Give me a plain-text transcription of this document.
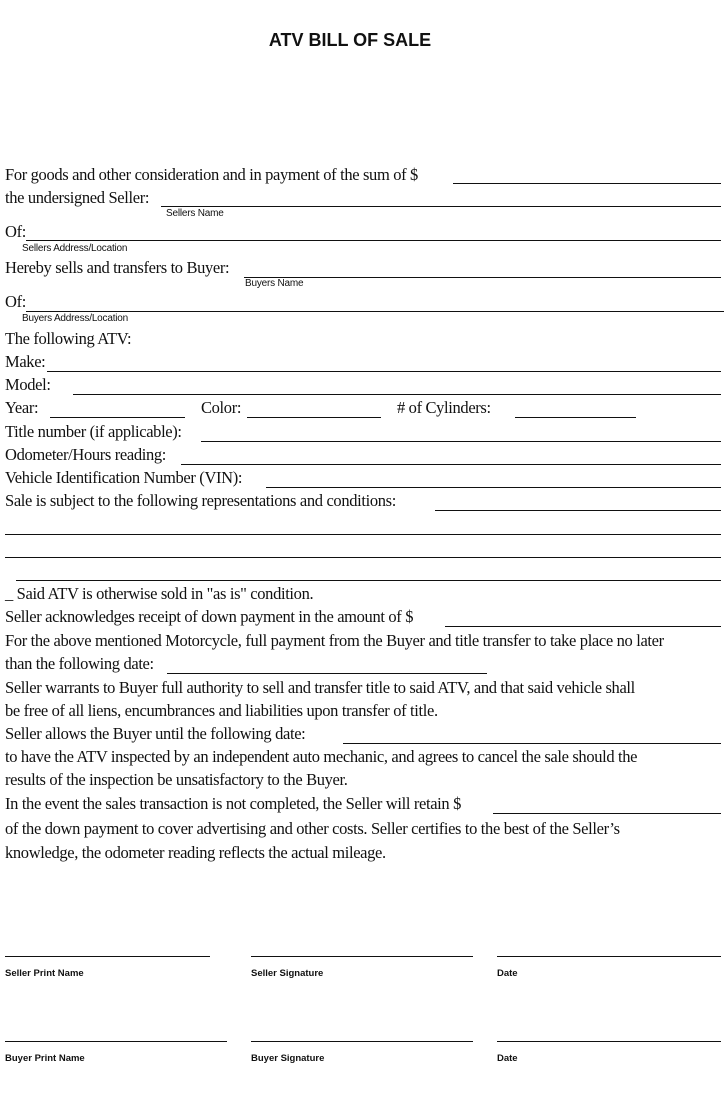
ATV BILL OF SALE
For goods and other consideration and in payment of the sum of $
the undersigned Seller:
Sellers Name
Of:
Sellers Address/Location
Hereby sells and transfers to Buyer:
Buyers Name
Of:
Buyers Address/Location
The following ATV:
Make:
Model:
Year:	Color:	# of Cylinders:
Title number (if applicable):
Odometer/Hours reading:
Vehicle Identification Number (VIN):
Sale is subject to the following representations and conditions:
_ Said ATV is otherwise sold in "as is" condition.
Seller acknowledges receipt of down payment in the amount of $
For the above mentioned Motorcycle, full payment from the Buyer and title transfer to take place no later
than the following date:
Seller warrants to Buyer full authority to sell and transfer title to said ATV, and that said vehicle shall
be free of all liens, encumbrances and liabilities upon transfer of title.
Seller allows the Buyer until the following date:
to have the ATV inspected by an independent auto mechanic, and agrees to cancel the sale should the
results of the inspection be unsatisfactory to the Buyer.
In the event the sales transaction is not completed, the Seller will retain $
of the down payment to cover advertising and other costs. Seller certifies to the best of the Seller’s
knowledge, the odometer reading reflects the actual mileage.
Seller Print Name	Seller Signature	Date
Buyer Print Name	Buyer Signature	Date
